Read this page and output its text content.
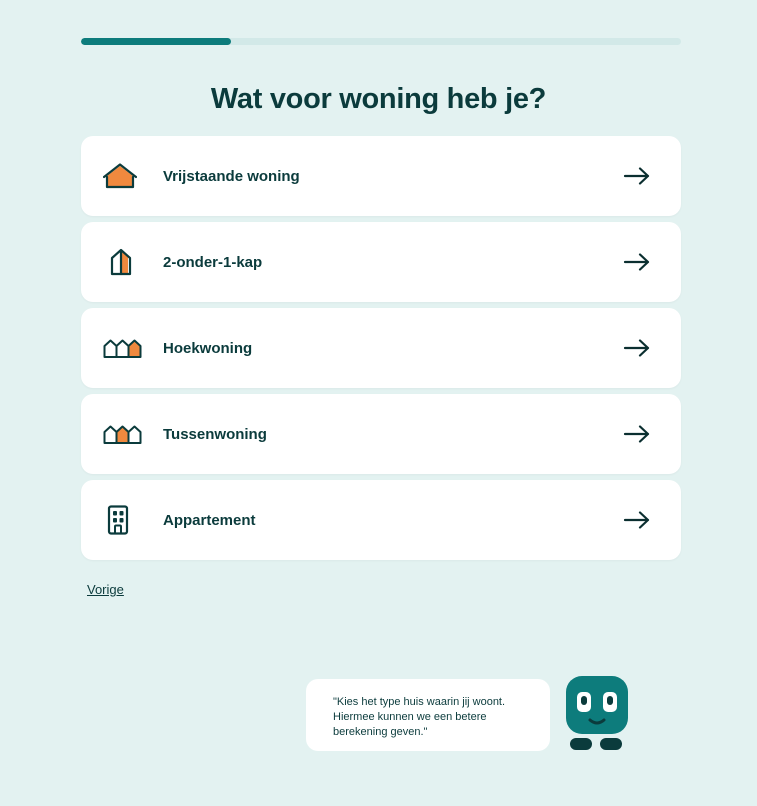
Wat voor woning heb je?
Vrijstaande woning
2-onder-1-kap
Hoekwoning
Tussenwoning
Appartement
Vorige
"Kies het type huis waarin jij woont. Hiermee kunnen we een betere berekening geven."
